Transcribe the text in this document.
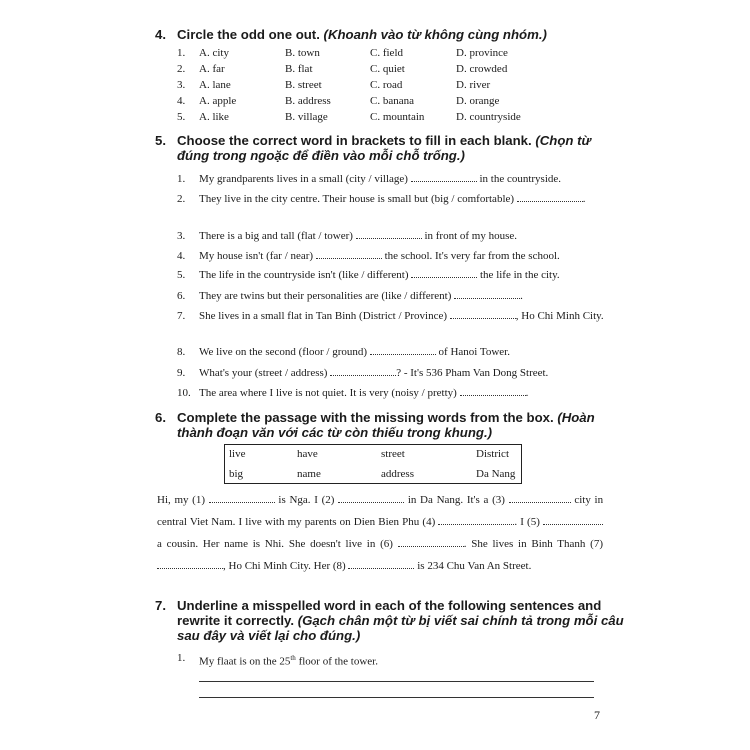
4. Circle the odd one out. (Khoanh vào từ không cùng nhóm.)
1. A. city	B. town	C. field	D. province
2. A. far	B. flat	C. quiet	D. crowded
3. A. lane	B. street	C. road	D. river
4. A. apple	B. address	C. banana	D. orange
5. A. like	B. village	C. mountain	D. countryside
5. Choose the correct word in brackets to fill in each blank. (Chọn từ đúng trong ngoặc để điền vào mỗi chỗ trống.)
1. My grandparents lives in a small (city / village)	in the countryside.
2. They live in the city centre. Their house is small but (big / comfortable)	.
3. There is a big and tall (flat / tower)	in front of my house.
4. My house isn't (far / near)	the school. It's very far from the school.
5. The life in the countryside isn't (like / different)	the life in the city.
6. They are twins but their personalities are (like / different)	.
7. She lives in a small flat in Tan Binh (District / Province)	, Ho Chi Minh City.
8. We live on the second (floor / ground)	of Hanoi Tower.
9. What's your (street / address)	? - It's 536 Pham Van Dong Street.
10. The area where I live is not quiet. It is very (noisy / pretty)	.
6. Complete the passage with the missing words from the box. (Hoàn thành đoạn văn với các từ còn thiếu trong khung.)
live	have	street	District
big	name	address	Da Nang
Hi, my (1)	is Nga. I (2)	in Da Nang. It's a (3)	city in central Viet Nam. I live with my parents on Dien Bien Phu (4)	. I (5)  a cousin. Her name is Nhi. She doesn't live in (6)	. She lives in Binh Thanh (7) , Ho Chi Minh City. Her (8)	is 234 Chu Van An Street.
7. Underline a misspelled word in each of the following sentences and rewrite it correctly. (Gạch chân một từ bị viết sai chính tả trong mỗi câu sau đây và viết lại cho đúng.)
1. My flaat is on the 25th floor of the tower.
7
